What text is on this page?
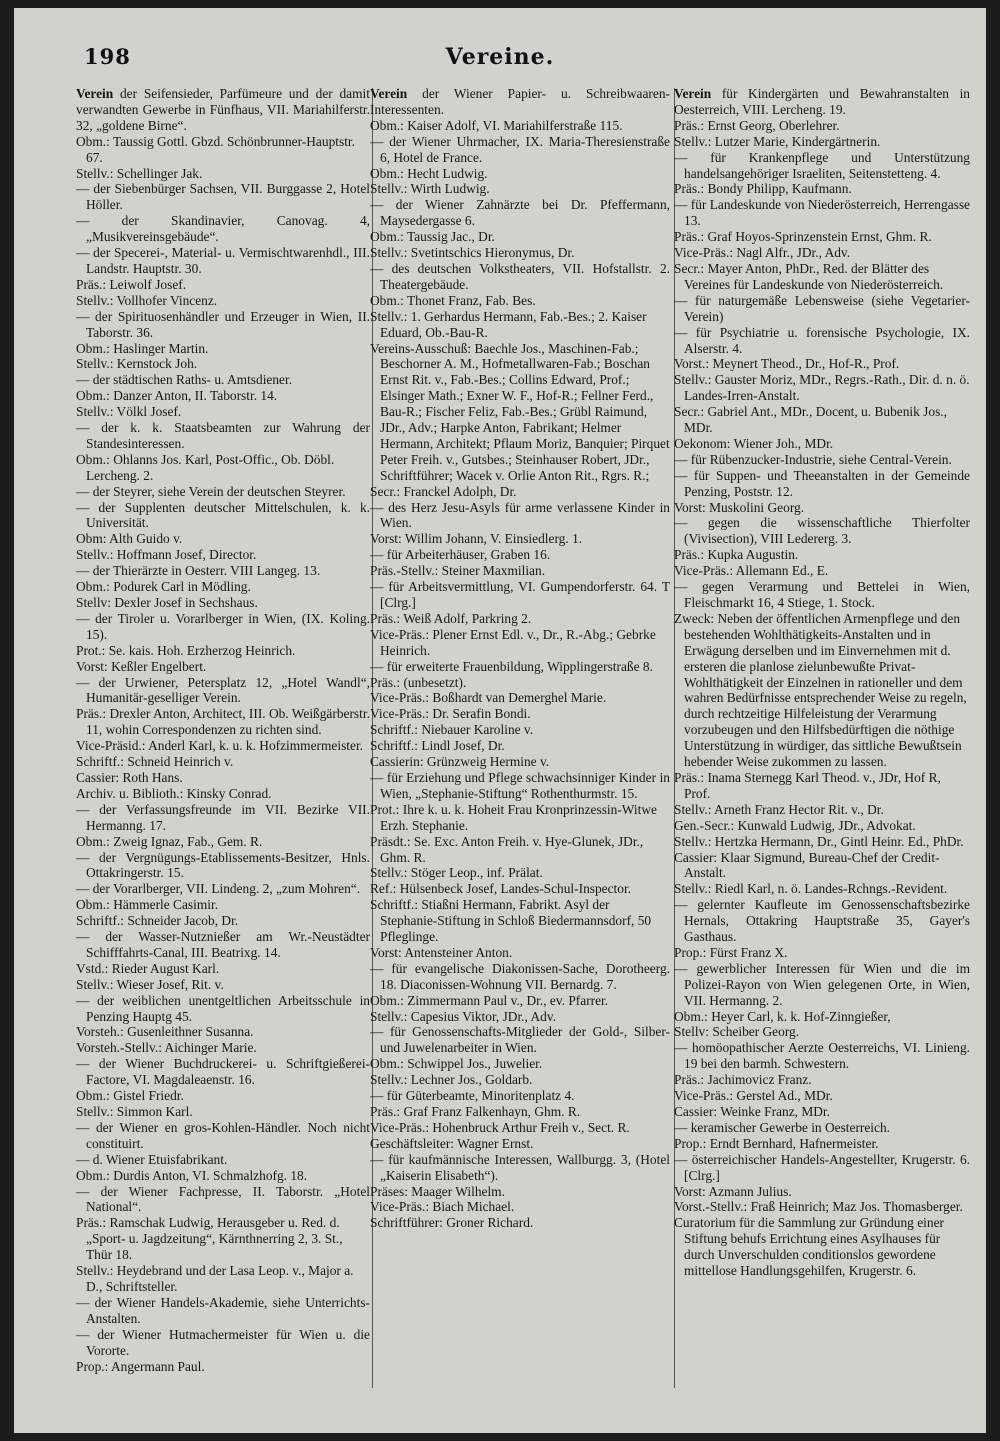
Vereine.
198

Verein der Seifensieder, Parfümeure und der damit verwandten Gewerbe in Fünfhaus, VII. Mariahilferstr. 32, „goldene Birne“.

Obm.: Taussig Gottl. Gbzd. Schönbrunner-Hauptstr. 67.

Stellv.: Schellinger Jak.

— der Siebenbürger Sachsen, VII. Burggasse 2, Hotel Höller.

— der Skandinavier, Canovag. 4, „Musikvereinsgebäude“.

— der Specerei-, Material- u. Vermischtwarenhdl., III. Landstr. Hauptstr. 30.

Präs.: Leiwolf Josef.

Stellv.: Vollhofer Vincenz.

— der Spirituosenhändler und Erzeuger in Wien, II. Taborstr. 36.

Obm.: Haslinger Martin.

Stellv.: Kernstock Joh.

— der städtischen Raths- u. Amtsdiener.

Obm.: Danzer Anton, II. Taborstr. 14.

Stellv.: Völkl Josef.

— der k. k. Staatsbeamten zur Wahrung der Standesinteressen.

Obm.: Ohlanns Jos. Karl, Post-Offic., Ob. Döbl. Lercheng. 2.

— der Steyrer, siehe Verein der deutschen Steyrer.

— der Supplenten deutscher Mittelschulen, k. k. Universität.

Obm: Alth Guido v.

Stellv.: Hoffmann Josef, Director.

— der Thierärzte in Oesterr. VIII Langeg. 13.

Obm.: Podurek Carl in Mödling.

Stellv: Dexler Josef in Sechshaus.

— der Tiroler u. Vorarlberger in Wien, (IX. Koling. 15).

Prot.: Se. kais. Hoh. Erzherzog Heinrich.

Vorst: Keßler Engelbert.

— der Urwiener, Petersplatz 12, „Hotel Wandl“, Humanitär-geselliger Verein.

Präs.: Drexler Anton, Architect, III. Ob. Weißgärberstr. 11, wohin Correspondenzen zu richten sind.

Vice-Präsid.: Anderl Karl, k. u. k. Hofzimmermeister.

Schriftf.: Schneid Heinrich v.

Cassier: Roth Hans.

Archiv. u. Biblioth.: Kinsky Conrad.

— der Verfassungsfreunde im VII. Bezirke VII. Hermanng. 17.

Obm.: Zweig Ignaz, Fab., Gem. R.

— der Vergnügungs-Etablissements-Besitzer, Hnls. Ottakringerstr. 15.

— der Vorarlberger, VII. Lindeng. 2, „zum Mohren“.

Obm.: Hämmerle Casimir.

Schriftf.: Schneider Jacob, Dr.

— der Wasser-Nutznießer am Wr.-Neustädter Schifffahrts-Canal, III. Beatrixg. 14.

Vstd.: Rieder August Karl.

Stellv.: Wieser Josef, Rit. v.

— der weiblichen unentgeltlichen Arbeitsschule in Penzing Hauptg 45.

Vorsteh.: Gusenleithner Susanna.

Vorsteh.-Stellv.: Aichinger Marie.

— der Wiener Buchdruckerei- u. Schriftgießerei-Factore, VI. Magdaleaenstr. 16.

Obm.: Gistel Friedr.

Stellv.: Simmon Karl.

— der Wiener en gros-Kohlen-Händler. Noch nicht constituirt.

— d. Wiener Etuisfabrikant.

Obm.: Durdis Anton, VI. Schmalzhofg. 18.

— der Wiener Fachpresse, II. Taborstr. „Hotel National“.

Präs.: Ramschak Ludwig, Herausgeber u. Red. d. „Sport- u. Jagdzeitung“, Kärnthnerring 2, 3. St., Thür 18.

Stellv.: Heydebrand und der Lasa Leop. v., Major a. D., Schriftsteller.

— der Wiener Handels-Akademie, siehe Unterrichts-Anstalten.

— der Wiener Hutmachermeister für Wien u. die Vororte.

Prop.: Angermann Paul.

Verein der Wiener Papier- u. Schreibwaaren-Interessenten.

Obm.: Kaiser Adolf, VI. Mariahilferstraße 115.

— der Wiener Uhrmacher, IX. Maria-Theresienstraße 6, Hotel de France.

Obm.: Hecht Ludwig.

Stellv.: Wirth Ludwig.

— der Wiener Zahnärzte bei Dr. Pfeffermann, Maysedergasse 6.

Obm.: Taussig Jac., Dr.

Stellv.: Svetintschics Hieronymus, Dr.

— des deutschen Volkstheaters, VII. Hofstallstr. 2. Theatergebäude.

Obm.: Thonet Franz, Fab. Bes.

Stellv.: 1. Gerhardus Hermann, Fab.-Bes.; 2. Kaiser Eduard, Ob.-Bau-R.

Vereins-Ausschuß: Baechle Jos., Maschinen-Fab.; Beschorner A. M., Hofmetallwaren-Fab.; Boschan Ernst Rit. v., Fab.-Bes.; Collins Edward, Prof.; Elsinger Math.; Exner W. F., Hof-R.; Fellner Ferd., Bau-R.; Fischer Feliz, Fab.-Bes.; Grübl Raimund, JDr., Adv.; Harpke Anton, Fabrikant; Helmer Hermann, Architekt; Pflaum Moriz, Banquier; Pirquet Peter Freih. v., Gutsbes.; Steinhauser Robert, JDr., Schriftführer; Wacek v. Orlie Anton Rit., Rgrs. R.;

Secr.: Franckel Adolph, Dr.

— des Herz Jesu-Asyls für arme verlassene Kinder in Wien.

Vorst: Willim Johann, V. Einsiedlerg. 1.

— für Arbeiterhäuser, Graben 16.

Präs.-Stellv.: Steiner Maxmilian.

— für Arbeitsvermittlung, VI. Gumpendorferstr. 64. T [Clrg.]

Präs.: Weiß Adolf, Parkring 2.

Vice-Präs.: Plener Ernst Edl. v., Dr., R.-Abg.; Gebrke Heinrich.

— für erweiterte Frauenbildung, Wipplingerstraße 8.

Präs.: (unbesetzt).

Vice-Präs.: Boßhardt van Demerghel Marie.

Vice-Präs.: Dr. Serafin Bondi.

Schriftf.: Niebauer Karoline v.

Schriftf.: Lindl Josef, Dr.

Cassierin: Grünzweig Hermine v.

— für Erziehung und Pflege schwachsinniger Kinder in Wien, „Stephanie-Stiftung“ Rothenthurmstr. 15.

Prot.: Ihre k. u. k. Hoheit Frau Kronprinzessin-Witwe Erzh. Stephanie.

Präsdt.: Se. Exc. Anton Freih. v. Hye-Glunek, JDr., Ghm. R.

Stellv.: Stöger Leop., inf. Prälat.

Ref.: Hülsenbeck Josef, Landes-Schul-Inspector.

Schriftf.: Stiaßni Hermann, Fabrikt. Asyl der Stephanie-Stiftung in Schloß Biedermannsdorf, 50 Pfleglinge.

Vorst: Antensteiner Anton.

— für evangelische Diakonissen-Sache, Dorotheerg. 18. Diaconissen-Wohnung VII. Bernardg. 7.

Obm.: Zimmermann Paul v., Dr., ev. Pfarrer.

Stellv.: Capesius Viktor, JDr., Adv.

— für Genossenschafts-Mitglieder der Gold-, Silber- und Juwelenarbeiter in Wien.

Obm.: Schwippel Jos., Juwelier.

Stellv.: Lechner Jos., Goldarb.

— für Güterbeamte, Minoritenplatz 4.

Präs.: Graf Franz Falkenhayn, Ghm. R.

Vice-Präs.: Hohenbruck Arthur Freih v., Sect. R.

Geschäftsleiter: Wagner Ernst.

— für kaufmännische Interessen, Wallburgg. 3, (Hotel „Kaiserin Elisabeth“).

Präses: Maager Wilhelm.

Vice-Präs.: Biach Michael.

Schriftführer: Groner Richard.

Verein für Kindergärten und Bewahranstalten in Oesterreich, VIII. Lercheng. 19.

Präs.: Ernst Georg, Oberlehrer.

Stellv.: Lutzer Marie, Kindergärtnerin.

— für Krankenpflege und Unterstützung handelsangehöriger Israeliten, Seitenstetteng. 4.

Präs.: Bondy Philipp, Kaufmann.

— für Landeskunde von Niederösterreich, Herrengasse 13.

Präs.: Graf Hoyos-Sprinzenstein Ernst, Ghm. R.

Vice-Präs.: Nagl Alfr., JDr., Adv.

Secr.: Mayer Anton, PhDr., Red. der Blätter des Vereines für Landeskunde von Niederösterreich.

— für naturgemäße Lebensweise (siehe Vegetarier-Verein)

— für Psychiatrie u. forensische Psychologie, IX. Alserstr. 4.

Vorst.: Meynert Theod., Dr., Hof-R., Prof.

Stellv.: Gauster Moriz, MDr., Regrs.-Rath., Dir. d. n. ö. Landes-Irren-Anstalt.

Secr.: Gabriel Ant., MDr., Docent, u. Bubenik Jos., MDr.

Oekonom: Wiener Joh., MDr.

— für Rübenzucker-Industrie, siehe Central-Verein.

— für Suppen- und Theeanstalten in der Gemeinde Penzing, Poststr. 12.

Vorst: Muskolini Georg.

— gegen die wissenschaftliche Thierfolter (Vivisection), VIII Ledererg. 3.

Präs.: Kupka Augustin.

Vice-Präs.: Allemann Ed., E.

— gegen Verarmung und Bettelei in Wien, Fleischmarkt 16, 4 Stiege, 1. Stock.

Zweck: Neben der öffentlichen Armenpflege und den bestehenden Wohlthätigkeits-Anstalten und in Erwägung derselben und im Einvernehmen mit d. ersteren die planlose zielunbewußte Privat-Wohlthätigkeit der Einzelnen in rationeller und dem wahren Bedürfnisse entsprechender Weise zu regeln, durch rechtzeitige Hilfeleistung der Verarmung vorzubeugen und den Hilfsbedürftigen die nöthige Unterstützung in würdiger, das sittliche Bewußtsein hebender Weise zukommen zu lassen.

Präs.: Inama Sternegg Karl Theod. v., JDr, Hof R, Prof.

Stellv.: Arneth Franz Hector Rit. v., Dr.

Gen.-Secr.: Kunwald Ludwig, JDr., Advokat.

Stellv.: Hertzka Hermann, Dr., Gintl Heinr. Ed., PhDr.

Cassier: Klaar Sigmund, Bureau-Chef der Credit-Anstalt.

Stellv.: Riedl Karl, n. ö. Landes-Rchngs.-Revident.

— gelernter Kaufleute im Genossenschaftsbezirke Hernals, Ottakring Hauptstraße 35, Gayer's Gasthaus.

Prop.: Fürst Franz X.

— gewerblicher Interessen für Wien und die im Polizei-Rayon von Wien gelegenen Orte, in Wien, VII. Hermanng. 2.

Obm.: Heyer Carl, k. k. Hof-Zinngießer,

Stellv: Scheiber Georg.

— homöopathischer Aerzte Oesterreichs, VI. Linieng. 19 bei den barmh. Schwestern.

Präs.: Jachimovicz Franz.

Vice-Präs.: Gerstel Ad., MDr.

Cassier: Weinke Franz, MDr.

— keramischer Gewerbe in Oesterreich.

Prop.: Erndt Bernhard, Hafnermeister.

— österreichischer Handels-Angestellter, Krugerstr. 6. [Clrg.]

Vorst: Azmann Julius.

Vorst.-Stellv.: Fraß Heinrich; Maz Jos. Thomasberger.

Curatorium für die Sammlung zur Gründung einer Stiftung behufs Errichtung eines Asylhauses für durch Unverschulden conditionslos gewordene mittellose Handlungsgehilfen, Krugerstr. 6.
